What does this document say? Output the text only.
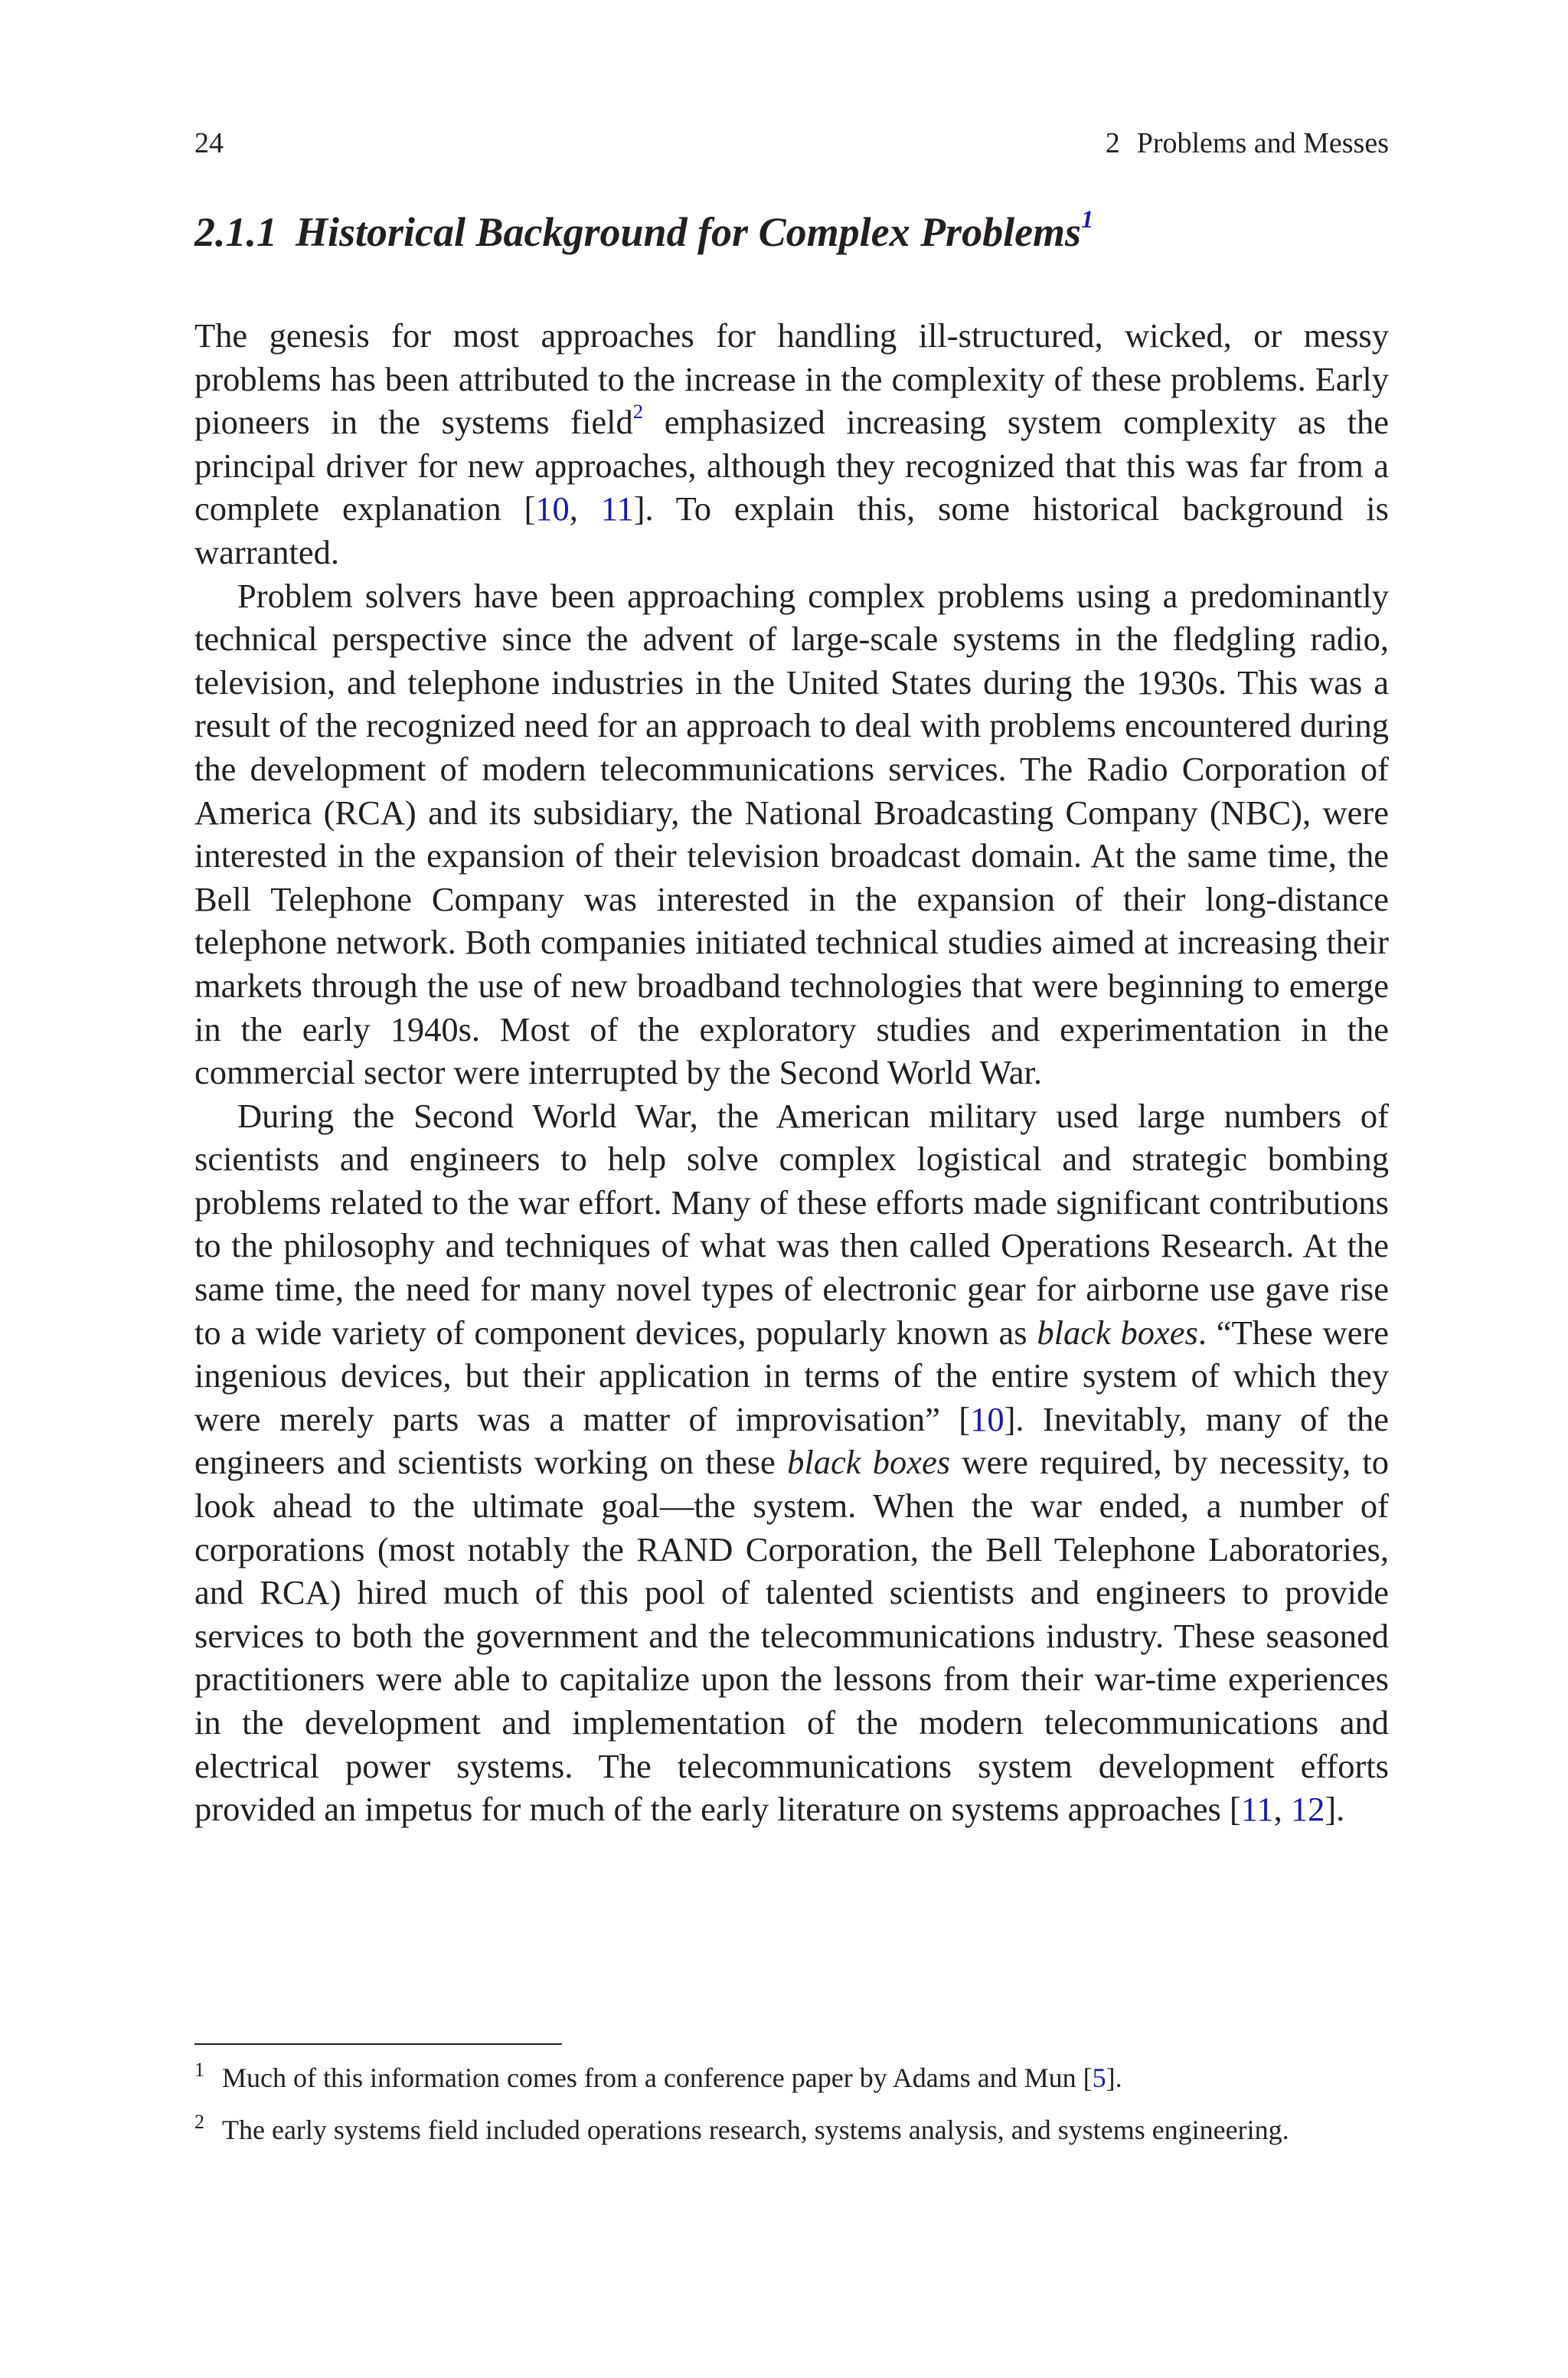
24	2 Problems and Messes
2.1.1 Historical Background for Complex Problems$^1$

The genesis for most approaches for handling ill-structured, wicked, or messy problems has been attributed to the increase in the complexity of these problems. Early pioneers in the systems field$^2$ emphasized increasing system complexity as the principal driver for new approaches, although they recognized that this was far from a complete explanation [10, 11]. To explain this, some historical background is warranted.

Problem solvers have been approaching complex problems using a predominantly technical perspective since the advent of large-scale systems in the fledgling radio, television, and telephone industries in the United States during the 1930s. This was a result of the recognized need for an approach to deal with problems encountered during the development of modern telecommunications services. The Radio Corporation of America (RCA) and its subsidiary, the National Broadcasting Company (NBC), were interested in the expansion of their television broadcast domain. At the same time, the Bell Telephone Company was interested in the expansion of their long-distance telephone network. Both companies initiated technical studies aimed at increasing their markets through the use of new broadband technologies that were beginning to emerge in the early 1940s. Most of the exploratory studies and experimentation in the commercial sector were interrupted by the Second World War.

During the Second World War, the American military used large numbers of scientists and engineers to help solve complex logistical and strategic bombing problems related to the war effort. Many of these efforts made significant contributions to the philosophy and techniques of what was then called Operations Research. At the same time, the need for many novel types of electronic gear for airborne use gave rise to a wide variety of component devices, popularly known as black boxes. “These were ingenious devices, but their application in terms of the entire system of which they were merely parts was a matter of improvisation” [10]. Inevitably, many of the engineers and scientists working on these black boxes were required, by necessity, to look ahead to the ultimate goal—the system. When the war ended, a number of corporations (most notably the RAND Corporation, the Bell Telephone Laboratories, and RCA) hired much of this pool of talented scientists and engineers to provide services to both the government and the telecommunications industry. These seasoned practitioners were able to capitalize upon the lessons from their war-time experiences in the development and implementation of the modern telecommunications and electrical power systems. The telecommunications system development efforts provided an impetus for much of the early literature on systems approaches [11, 12].

1 Much of this information comes from a conference paper by Adams and Mun [5].

2 The early systems field included operations research, systems analysis, and systems engineering.
